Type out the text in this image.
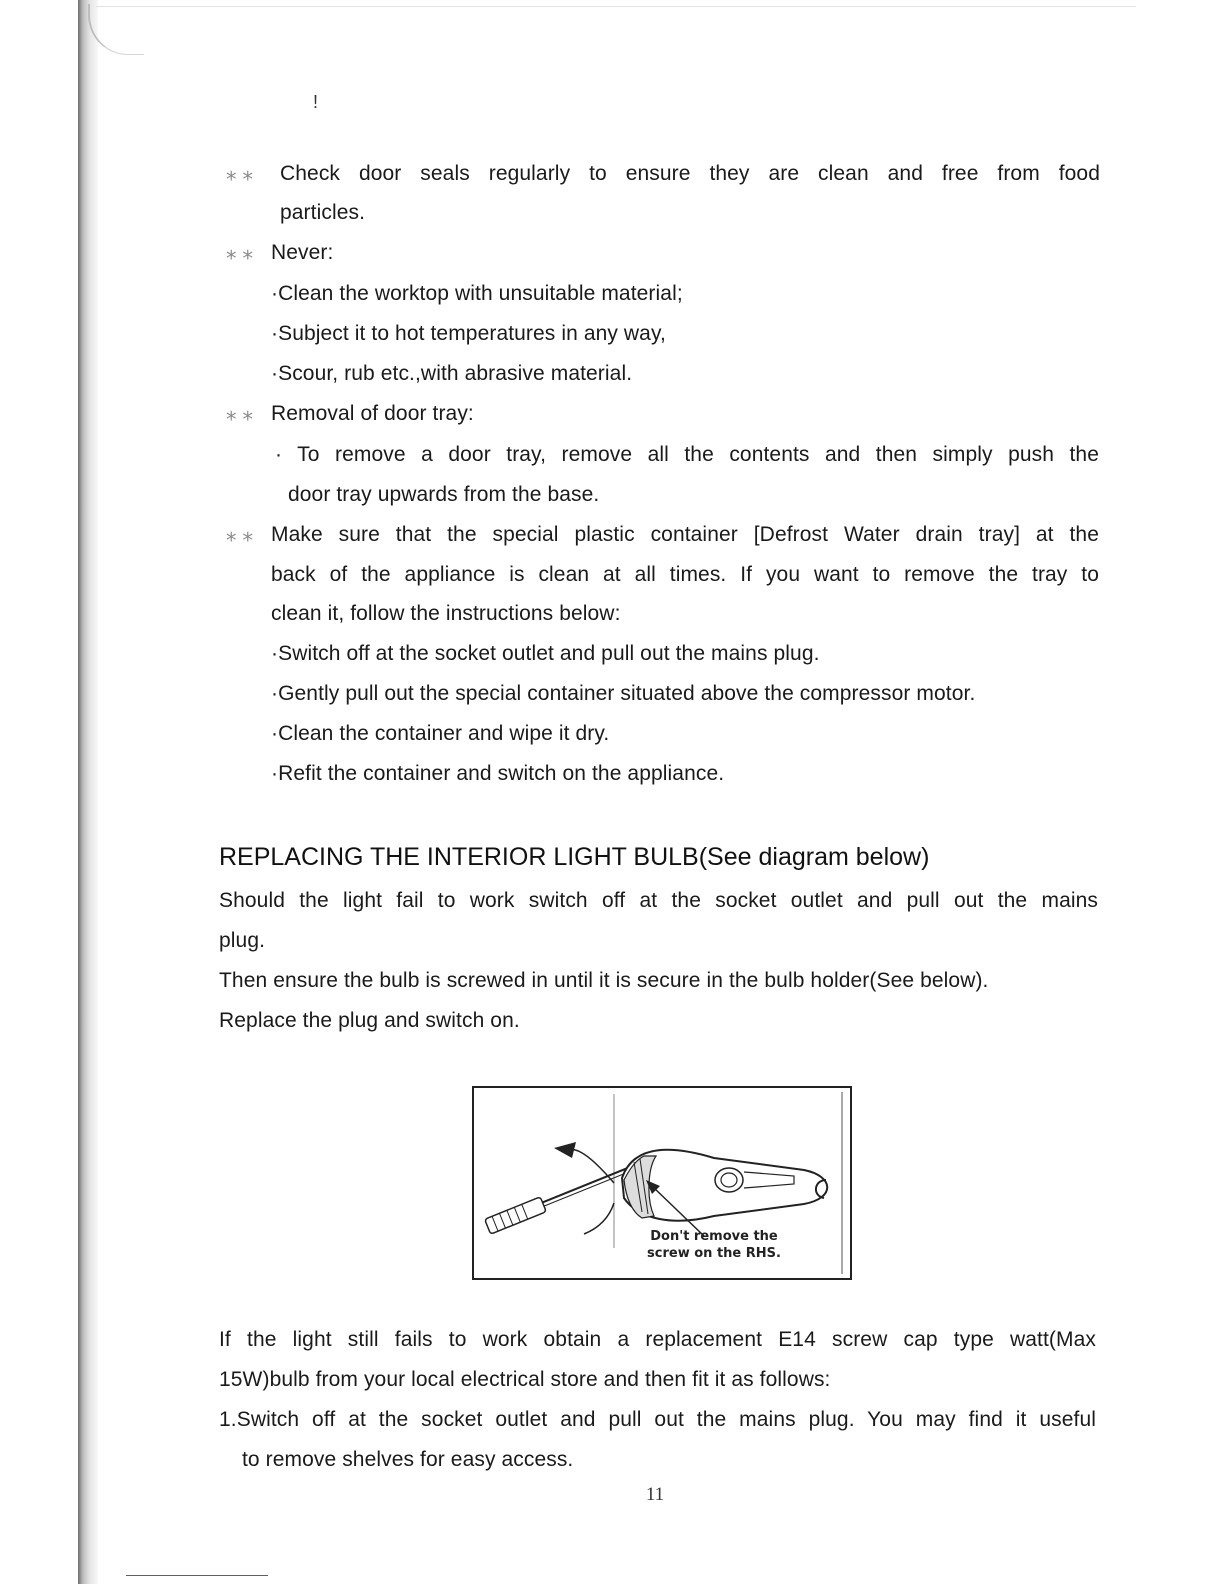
!
⁎ ⁎ Check door seals regularly to ensure they are clean and free from food
particles.
⁎ ⁎ Never:
·Clean the worktop with unsuitable material;
·Subject it to hot temperatures in any way,
·Scour, rub etc.,with abrasive material.
⁎ ⁎ Removal of door tray:
· To remove a door tray, remove all the contents and then simply push the
door tray upwards from the base.
⁎ ⁎ Make sure that the special plastic container [Defrost Water drain tray] at the
back of the appliance is clean at all times. If you want to remove the tray to
clean it, follow the instructions below:
·Switch off at the socket outlet and pull out the mains plug.
·Gently pull out the special container situated above the compressor motor.
·Clean the container and wipe it dry.
·Refit the container and switch on the appliance.
REPLACING THE INTERIOR LIGHT BULB(See diagram below)
Should the light fail to work switch off at the socket outlet and pull out the mains
plug.
Then ensure the bulb is screwed in until it is secure in the bulb holder(See below).
Replace the plug and switch on.
Don't remove the
screw on the RHS.
If the light still fails to work obtain a replacement E14 screw cap type watt(Max
15W)bulb from your local electrical store and then fit it as follows:
1.Switch off at the socket outlet and pull out the mains plug. You may find it useful
to remove shelves for easy access.
11
